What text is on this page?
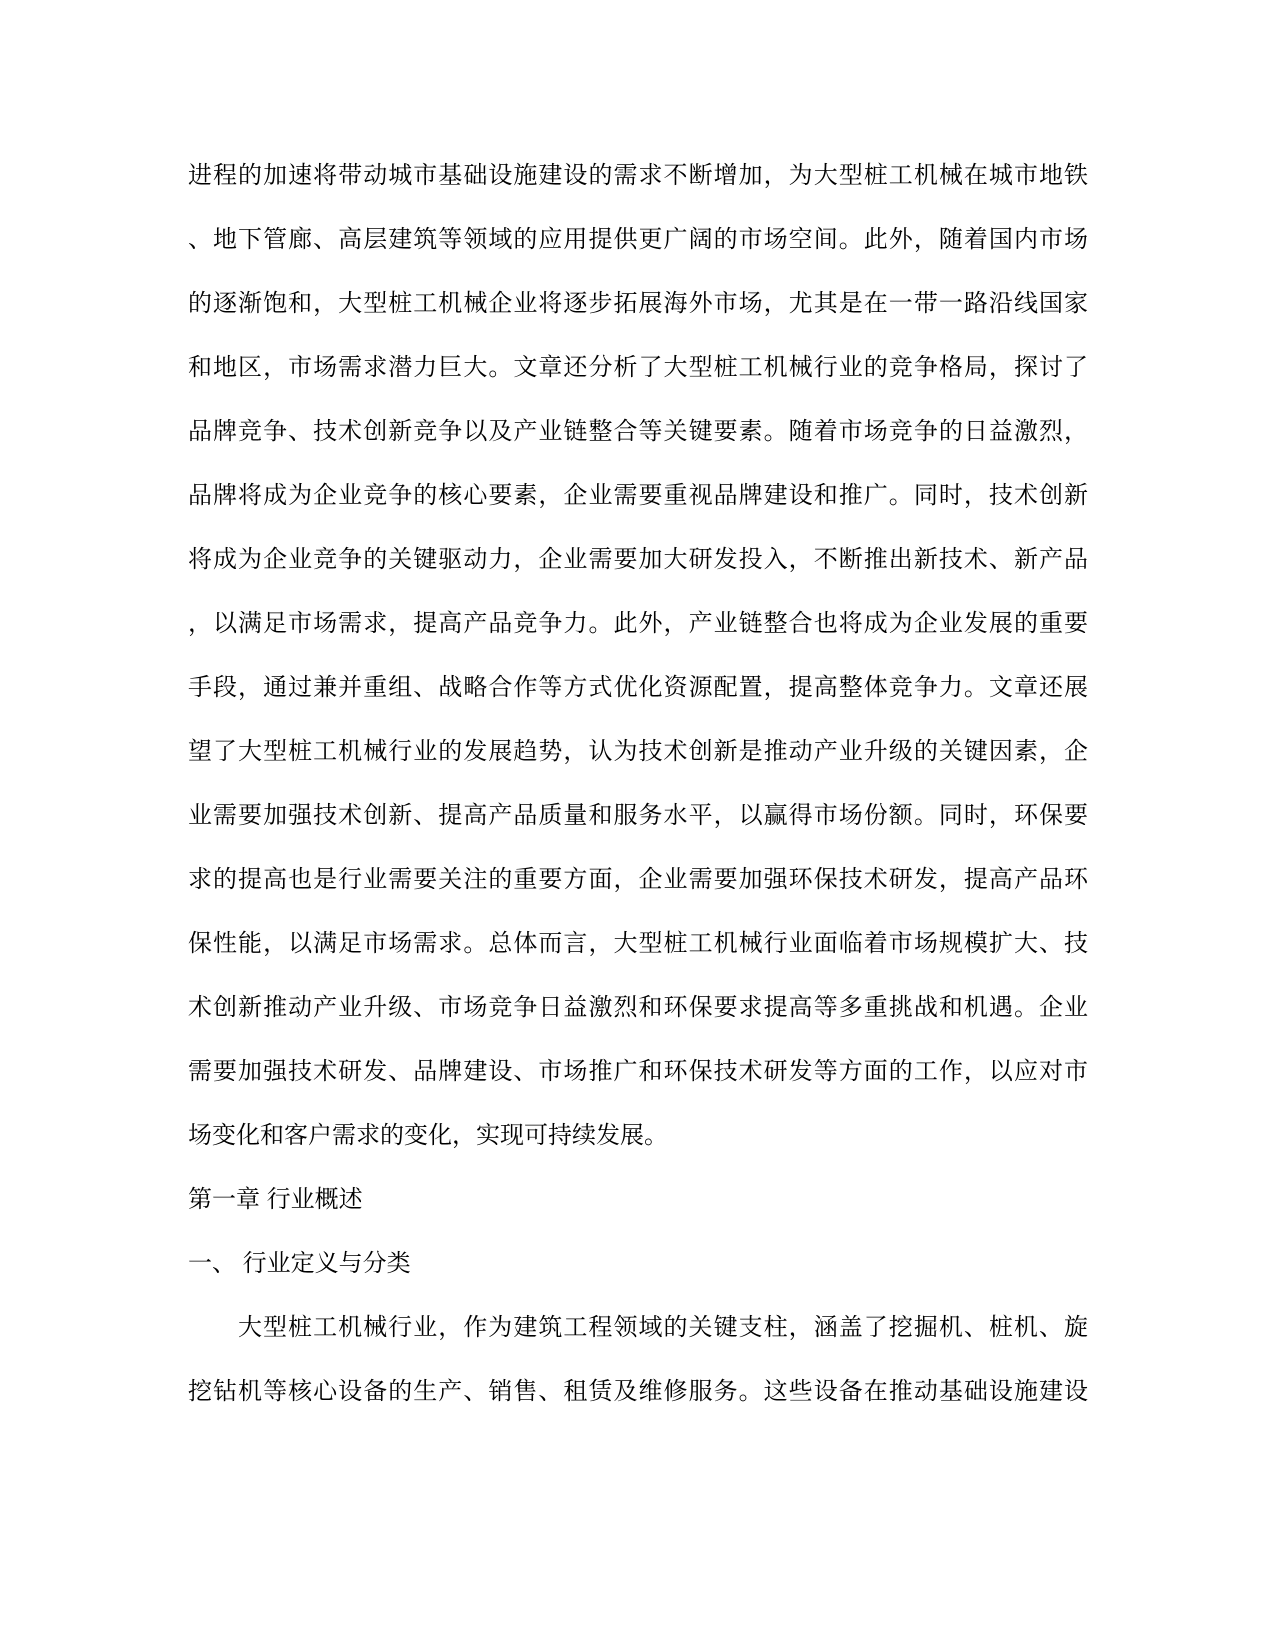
进程的加速将带动城市基础设施建设的需求不断增加，为大型桩工机械在城市地铁
、地下管廊、高层建筑等领域的应用提供更广阔的市场空间。此外，随着国内市场
的逐渐饱和，大型桩工机械企业将逐步拓展海外市场，尤其是在一带一路沿线国家
和地区，市场需求潜力巨大。文章还分析了大型桩工机械行业的竞争格局，探讨了
品牌竞争、技术创新竞争以及产业链整合等关键要素。随着市场竞争的日益激烈，
品牌将成为企业竞争的核心要素，企业需要重视品牌建设和推广。同时，技术创新
将成为企业竞争的关键驱动力，企业需要加大研发投入，不断推出新技术、新产品
，以满足市场需求，提高产品竞争力。此外，产业链整合也将成为企业发展的重要
手段，通过兼并重组、战略合作等方式优化资源配置，提高整体竞争力。文章还展
望了大型桩工机械行业的发展趋势，认为技术创新是推动产业升级的关键因素，企
业需要加强技术创新、提高产品质量和服务水平，以赢得市场份额。同时，环保要
求的提高也是行业需要关注的重要方面，企业需要加强环保技术研发，提高产品环
保性能，以满足市场需求。总体而言，大型桩工机械行业面临着市场规模扩大、技
术创新推动产业升级、市场竞争日益激烈和环保要求提高等多重挑战和机遇。企业
需要加强技术研发、品牌建设、市场推广和环保技术研发等方面的工作，以应对市
场变化和客户需求的变化，实现可持续发展。
第一章 行业概述
一、 行业定义与分类
大型桩工机械行业，作为建筑工程领域的关键支柱，涵盖了挖掘机、桩机、旋
挖钻机等核心设备的生产、销售、租赁及维修服务。这些设备在推动基础设施建设
